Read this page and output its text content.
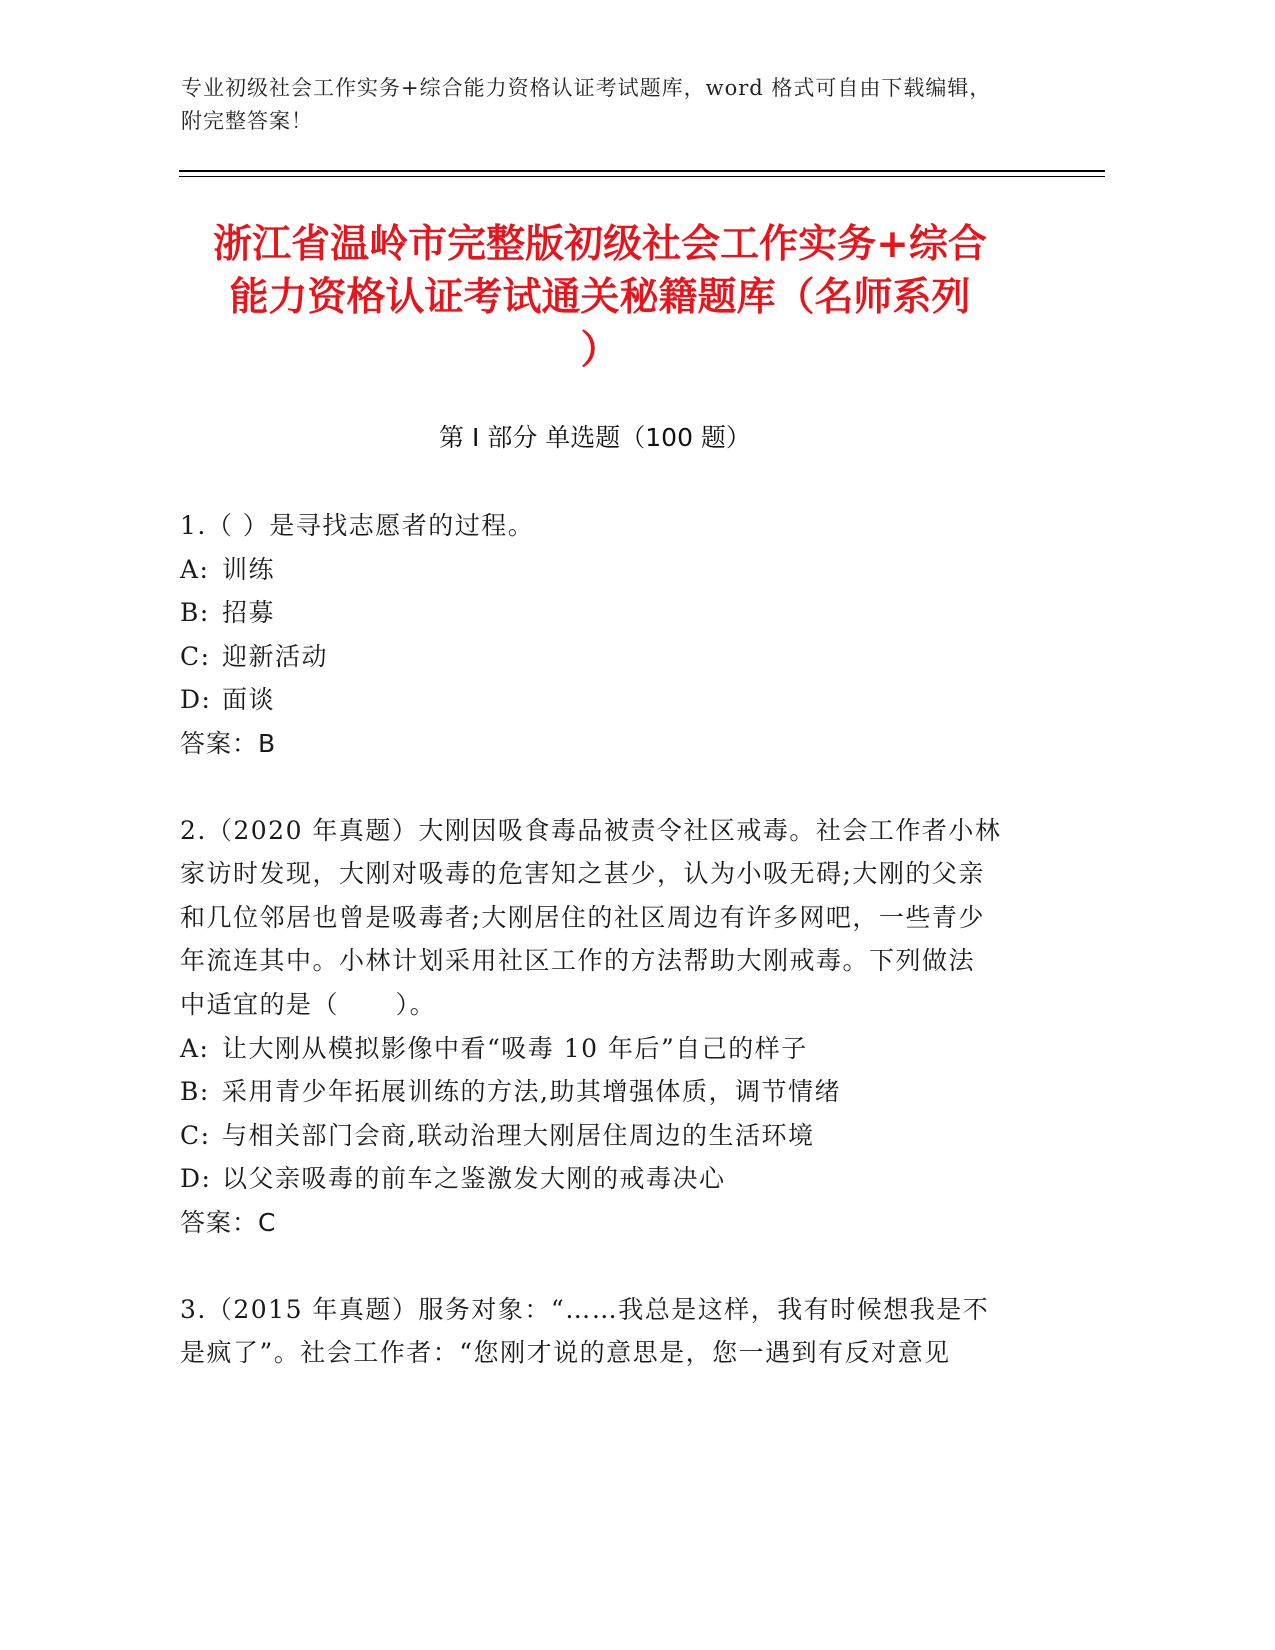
专业初级社会工作实务+综合能力资格认证考试题库，word 格式可自由下载编辑，
附完整答案！
浙江省温岭市完整版初级社会工作实务+综合
能力资格认证考试通关秘籍题库（名师系列
）
第 I 部分 单选题（100 题）
1.（ ）是寻找志愿者的过程。
A: 训练
B: 招募
C: 迎新活动
D: 面谈
答案：B
2.（2020 年真题）大刚因吸食毒品被责令社区戒毒。社会工作者小林
家访时发现，大刚对吸毒的危害知之甚少，认为小吸无碍;大刚的父亲
和几位邻居也曾是吸毒者;大刚居住的社区周边有许多网吧，一些青少
年流连其中。小林计划采用社区工作的方法帮助大刚戒毒。下列做法
中适宜的是（      ）。
A: 让大刚从模拟影像中看“吸毒 10 年后”自己的样子
B: 采用青少年拓展训练的方法,助其增强体质，调节情绪
C: 与相关部门会商,联动治理大刚居住周边的生活环境
D: 以父亲吸毒的前车之鉴激发大刚的戒毒决心
答案：C
3.（2015 年真题）服务对象：“……我总是这样，我有时候想我是不
是疯了”。社会工作者：“您刚才说的意思是，您一遇到有反对意见
